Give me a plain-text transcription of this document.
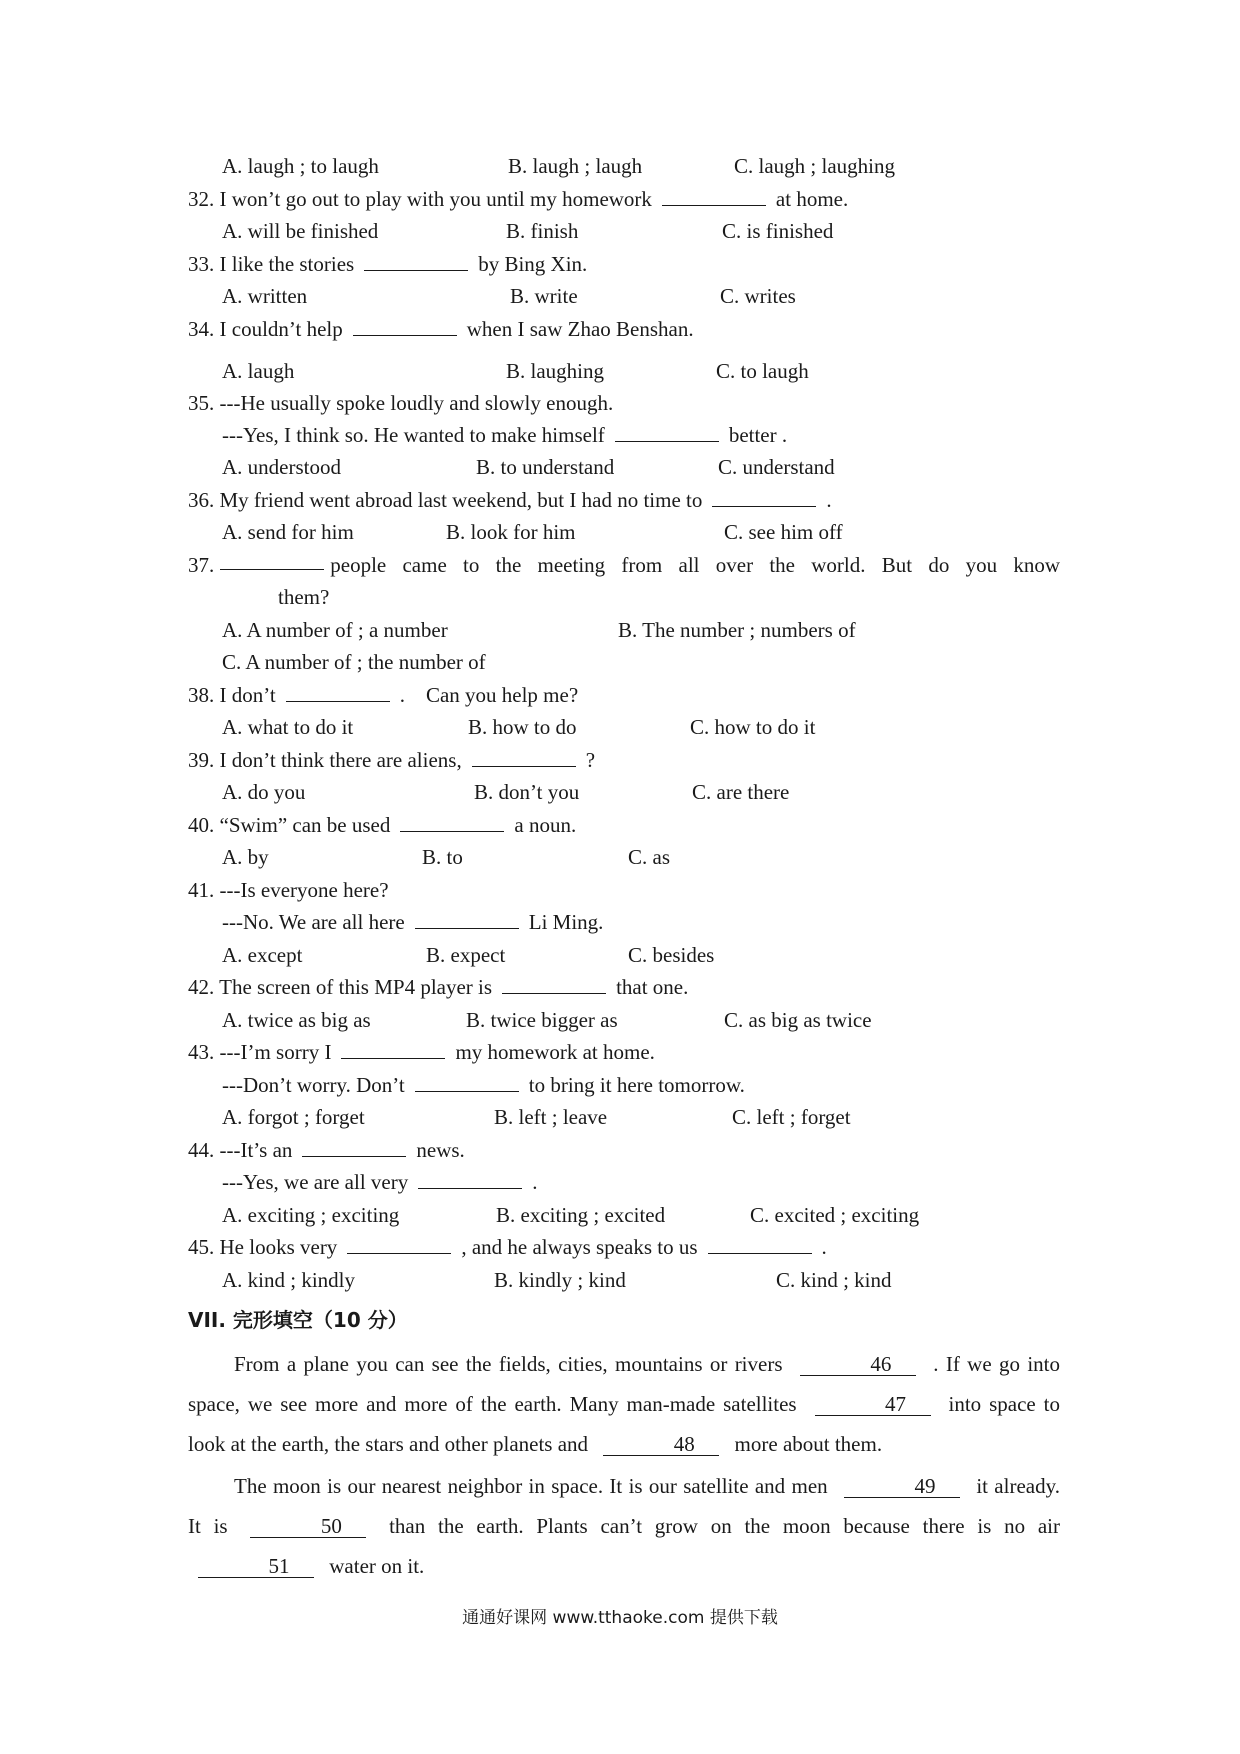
A. laugh ; to laugh	B. laugh ; laugh	C. laugh ; laughing
32. I won’t go out to play with you until my homework	at home.
A. will be finished	B. finish	C. is finished
33. I like the stories	by Bing Xin.
A. written	B. write	C. writes
34. I couldn’t help	when I saw Zhao Benshan.
A. laugh	B. laughing	C. to laugh
35. ---He usually spoke loudly and slowly enough.
---Yes, I think so. He wanted to make himself	better .
A. understood	B. to understand	C. understand
36. My friend went abroad last weekend, but I had no time to	.
A. send for him	B. look for him	C. see him off
37.	people came to the meeting from all over the world. But do you know
them?
A. A number of ; a number	B. The number ; numbers of
C. A number of ; the number of
38. I don’t	.    Can you help me?
A. what to do it	B. how to do	C. how to do it
39. I don’t think there are aliens,	?
A. do you	B. don’t you	C. are there
40. “Swim” can be used	a noun.
A. by	B. to	C. as
41. ---Is everyone here?
---No. We are all here	Li Ming.
A. except	B. expect	C. besides
42. The screen of this MP4 player is	that one.
A. twice as big as	B. twice bigger as	C. as big as twice
43. ---I’m sorry I	my homework at home.
---Don’t worry. Don’t	to bring it here tomorrow.
A. forgot ; forget	B. left ; leave	C. left ; forget
44. ---It’s an	news.
---Yes, we are all very	.
A. exciting ; exciting	B. exciting ; excited	C. excited ; exciting
45. He looks very	, and he always speaks to us	.
A. kind ; kindly	B. kindly ; kind	C. kind ; kind
VII. 完形填空（10 分）
From a plane you can see the fields, cities, mountains or rivers	46 . If we go into space, we see more and more of the earth. Many man-made satellites	47 into space to look at the earth, the stars and other planets and	48 more about them.
The moon is our nearest neighbor in space. It is our satellite and men	49 it already. It is	50 than the earth. Plants can’t grow on the moon because there is no air 51 water on it.
通通好课网 www.tthaoke.com 提供下载
